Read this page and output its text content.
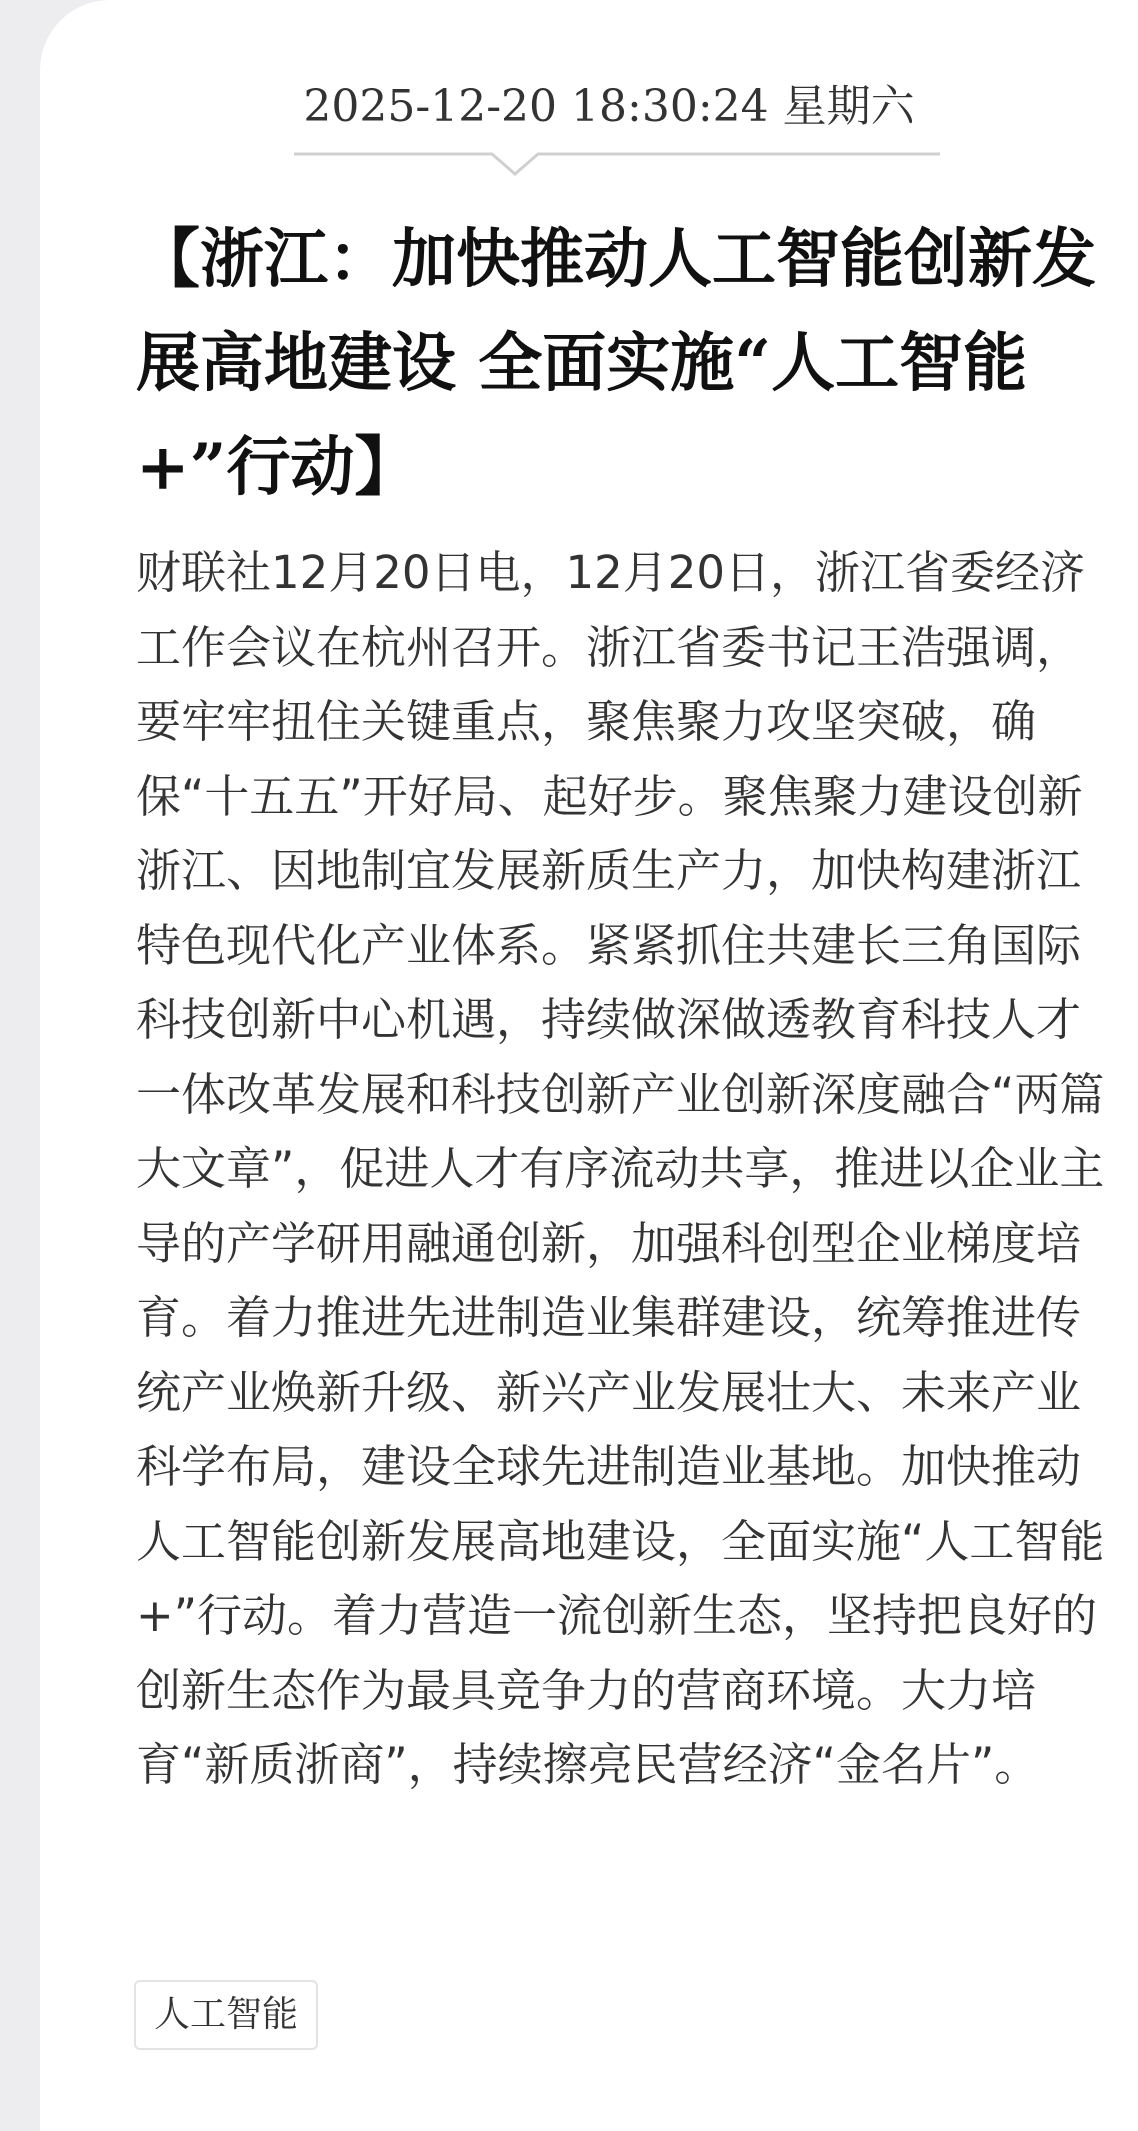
2025-12-20 18:30:24 星期六
【浙江：加快推动人工智能创新发展高地建设 全面实施“人工智能+”行动】

财联社12月20日电，12月20日，浙江省委经济工作会议在杭州召开。浙江省委书记王浩强调，要牢牢扭住关键重点，聚焦聚力攻坚突破，确保“十五五”开好局、起好步。聚焦聚力建设创新浙江、因地制宜发展新质生产力，加快构建浙江特色现代化产业体系。紧紧抓住共建长三角国际科技创新中心机遇，持续做深做透教育科技人才一体改革发展和科技创新产业创新深度融合“两篇大文章”，促进人才有序流动共享，推进以企业主导的产学研用融通创新，加强科创型企业梯度培育。着力推进先进制造业集群建设，统筹推进传统产业焕新升级、新兴产业发展壮大、未来产业科学布局，建设全球先进制造业基地。加快推动人工智能创新发展高地建设，全面实施“人工智能+”行动。着力营造一流创新生态，坚持把良好的创新生态作为最具竞争力的营商环境。大力培育“新质浙商”，持续擦亮民营经济“金名片”。

人工智能
